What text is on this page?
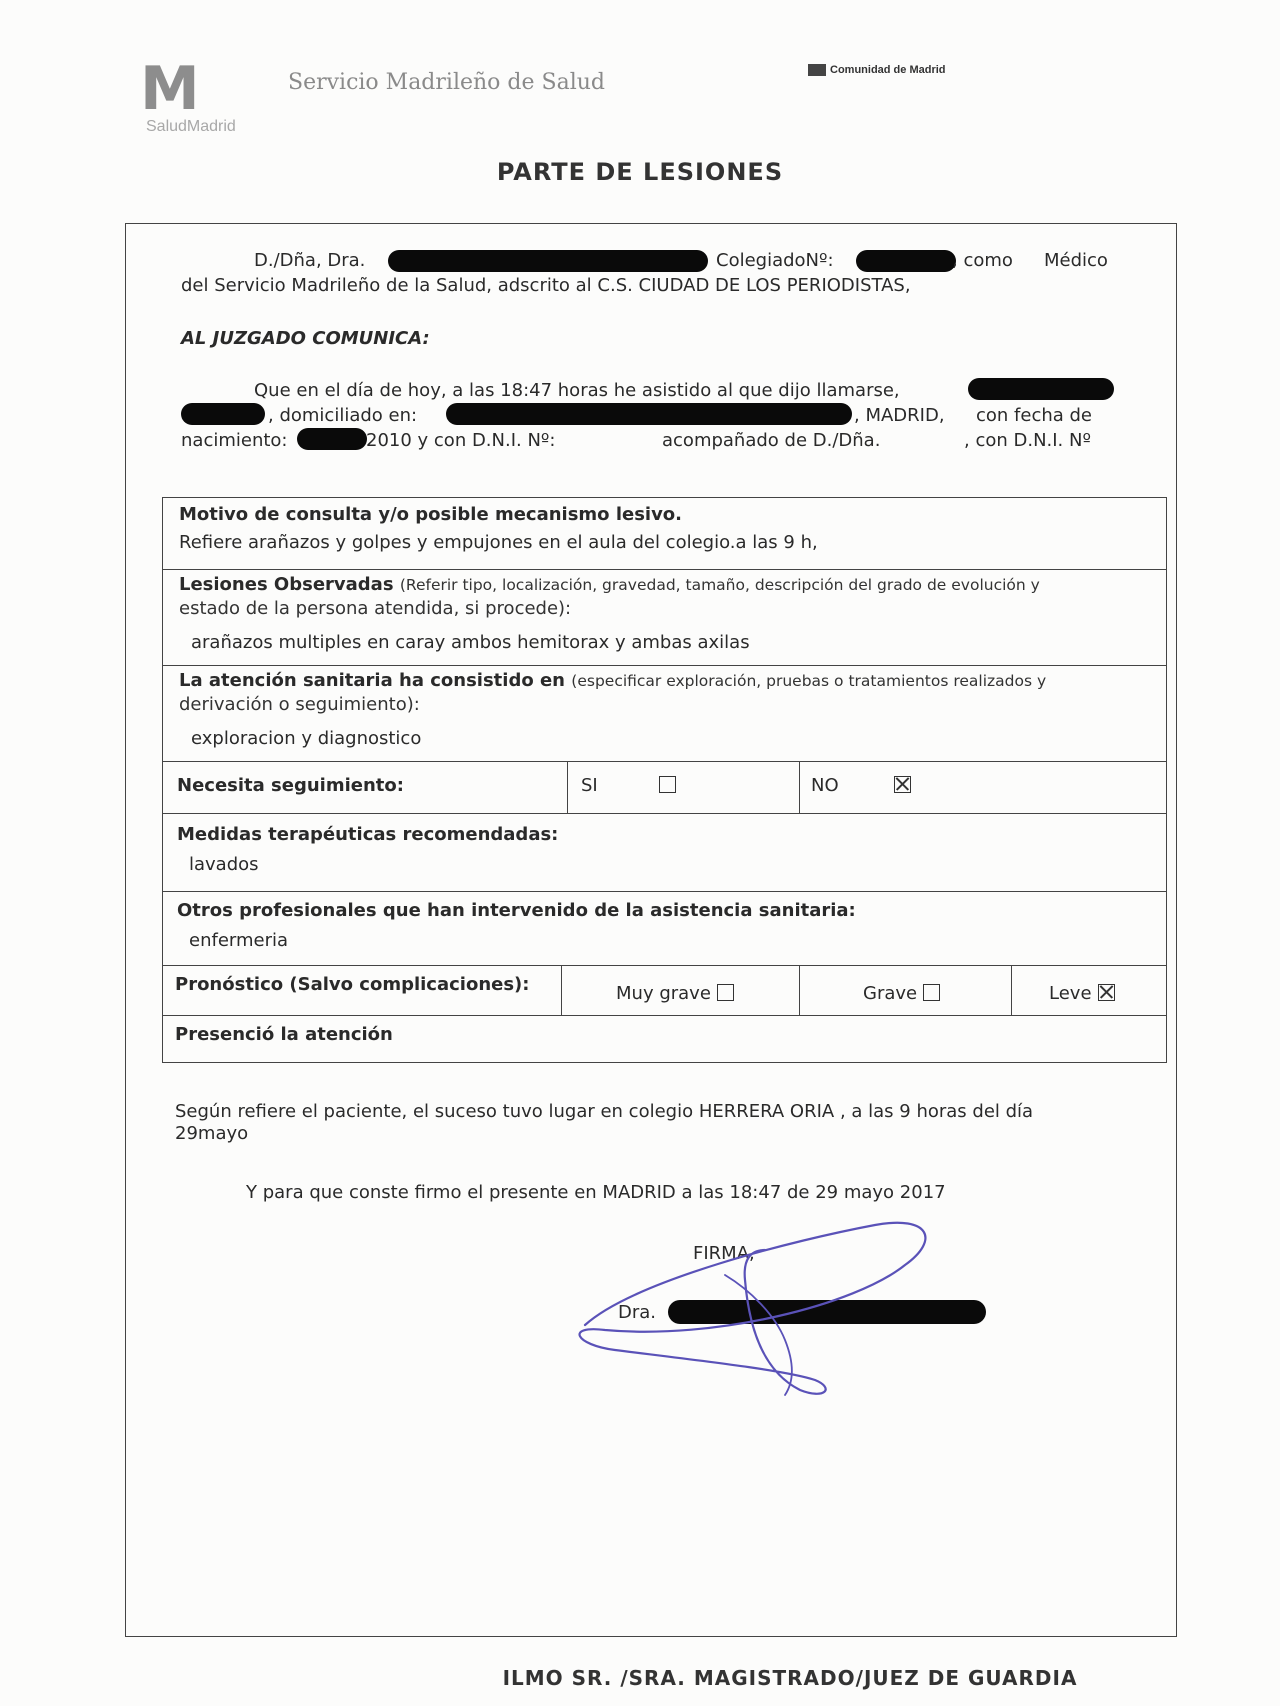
M
SaludMadrid
Servicio Madrileño de Salud	Comunidad de Madrid
PARTE DE LESIONES
D./Dña, Dra.	ColegiadoNº:	, como Médico
del Servicio Madrileño de la Salud, adscrito al C.S. CIUDAD DE LOS PERIODISTAS,
AL JUZGADO COMUNICA:
Que en el día de hoy, a las 18:47 horas he asistido al que dijo llamarse,
, domiciliado en:	, MADRID, con fecha de
nacimiento:	2010 y con D.N.I. Nº:	acompañado de D./Dña.	, con D.N.I. Nº
Motivo de consulta y/o posible mecanismo lesivo.
Refiere arañazos y golpes y empujones en el aula del colegio.a las 9 h,
Lesiones Observadas (Referir tipo, localización, gravedad, tamaño, descripción del grado de evolución y
estado de la persona atendida, si procede):
arañazos multiples en caray ambos hemitorax y ambas axilas
La atención sanitaria ha consistido en (especificar exploración, pruebas o tratamientos realizados y
derivación o seguimiento):
exploracion y diagnostico
Necesita seguimiento:	SI	NO
Medidas terapéuticas recomendadas:
lavados
Otros profesionales que han intervenido de la asistencia sanitaria:
enfermeria
Pronóstico (Salvo complicaciones):	Muy grave	Grave	Leve
Presenció la atención
Según refiere el paciente, el suceso tuvo lugar en colegio HERRERA ORIA , a las 9 horas del día
29mayo
Y para que conste firmo el presente en MADRID a las 18:47 de 29 mayo 2017
FIRMA,
Dra.
ILMO SR. /SRA. MAGISTRADO/JUEZ DE GUARDIA
